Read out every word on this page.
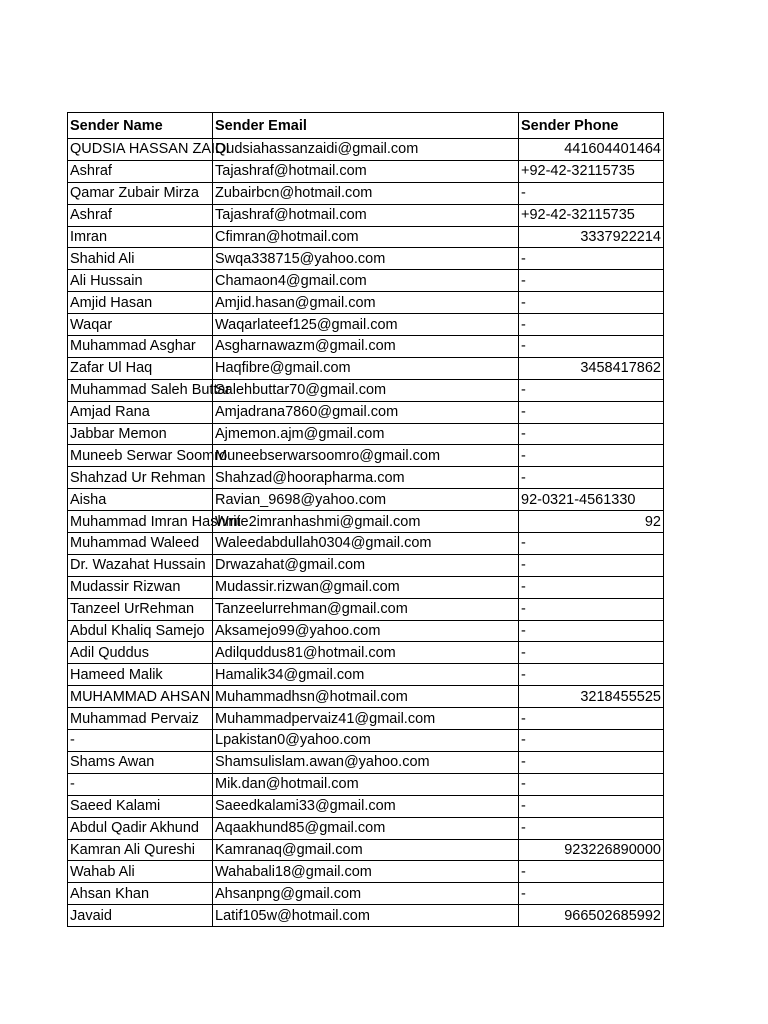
Sender Name	Sender Email	Sender Phone
QUDSIA HASSAN ZAIDI	Qudsiahassanzaidi@gmail.com	441604401464
Ashraf	Tajashraf@hotmail.com	+92-42-32115735
Qamar Zubair Mirza	Zubairbcn@hotmail.com	-
Ashraf	Tajashraf@hotmail.com	+92-42-32115735
Imran	Cfimran@hotmail.com	3337922214
Shahid Ali	Swqa338715@yahoo.com	-
Ali Hussain	Chamaon4@gmail.com	-
Amjid Hasan	Amjid.hasan@gmail.com	-
Waqar	Waqarlateef125@gmail.com	-
Muhammad Asghar	Asgharnawazm@gmail.com	-
Zafar Ul Haq	Haqfibre@gmail.com	3458417862
Muhammad Saleh Buttar	Salehbuttar70@gmail.com	-
Amjad Rana	Amjadrana7860@gmail.com	-
Jabbar Memon	Ajmemon.ajm@gmail.com	-
Muneeb Serwar Soomro	Muneebserwarsoomro@gmail.com	-
Shahzad Ur Rehman	Shahzad@hoorapharma.com	-
Aisha	Ravian_9698@yahoo.com	92-0321-4561330
Muhammad Imran Hashmi	Write2imranhashmi@gmail.com	92
Muhammad Waleed	Waleedabdullah0304@gmail.com	-
Dr. Wazahat Hussain	Drwazahat@gmail.com	-
Mudassir Rizwan	Mudassir.rizwan@gmail.com	-
Tanzeel UrRehman	Tanzeelurrehman@gmail.com	-
Abdul Khaliq Samejo	Aksamejo99@yahoo.com	-
Adil Quddus	Adilquddus81@hotmail.com	-
Hameed Malik	Hamalik34@gmail.com	-
MUHAMMAD AHSAN	Muhammadhsn@hotmail.com	3218455525
Muhammad Pervaiz	Muhammadpervaiz41@gmail.com	-
-	Lpakistan0@yahoo.com	-
Shams Awan	Shamsulislam.awan@yahoo.com	-
-	Mik.dan@hotmail.com	-
Saeed Kalami	Saeedkalami33@gmail.com	-
Abdul Qadir Akhund	Aqaakhund85@gmail.com	-
Kamran Ali Qureshi	Kamranaq@gmail.com	923226890000
Wahab Ali	Wahabali18@gmail.com	-
Ahsan Khan	Ahsanpng@gmail.com	-
Javaid	Latif105w@hotmail.com	966502685992
